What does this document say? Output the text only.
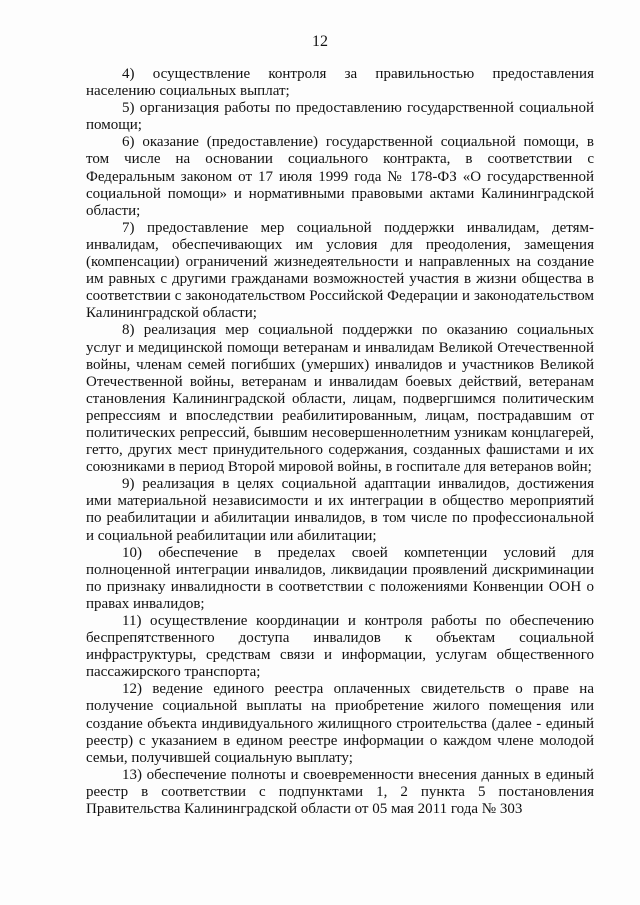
12

4) осуществление контроля за правильностью предоставления населению социальных выплат;

5) организация работы по предоставлению государственной социальной помощи;

6) оказание (предоставление) государственной социальной помощи, в том числе на основании социального контракта, в соответствии с Федеральным законом от 17 июля 1999 года № 178-ФЗ «О государственной социальной помощи» и нормативными правовыми актами Калининградской области;

7) предоставление мер социальной поддержки инвалидам, детям-инвалидам, обеспечивающих им условия для преодоления, замещения (компенсации) ограничений жизнедеятельности и направленных на создание им равных с другими гражданами возможностей участия в жизни общества в соответствии с законодательством Российской Федерации и законодательством Калининградской области;

8) реализация мер социальной поддержки по оказанию социальных услуг и медицинской помощи ветеранам и инвалидам Великой Отечественной войны, членам семей погибших (умерших) инвалидов и участников Великой Отечественной войны, ветеранам и инвалидам боевых действий, ветеранам становления Калининградской области, лицам, подвергшимся политическим репрессиям и впоследствии реабилитированным, лицам, пострадавшим от политических репрессий, бывшим несовершеннолетним узникам концлагерей, гетто, других мест принудительного содержания, созданных фашистами и их союзниками в период Второй мировой войны, в госпитале для ветеранов войн;

9) реализация в целях социальной адаптации инвалидов, достижения ими материальной независимости и их интеграции в общество мероприятий по реабилитации и абилитации инвалидов, в том числе по профессиональной и социальной реабилитации или абилитации;

10) обеспечение в пределах своей компетенции условий для полноценной интеграции инвалидов, ликвидации проявлений дискриминации по признаку инвалидности в соответствии с положениями Конвенции ООН о правах инвалидов;

11) осуществление координации и контроля работы по обеспечению беспрепятственного доступа инвалидов к объектам социальной инфраструктуры, средствам связи и информации, услугам общественного пассажирского транспорта;

12) ведение единого реестра оплаченных свидетельств о праве на получение социальной выплаты на приобретение жилого помещения или создание объекта индивидуального жилищного строительства (далее - единый реестр) с указанием в едином реестре информации о каждом члене молодой семьи, получившей социальную выплату;

13) обеспечение полноты и своевременности внесения данных в единый реестр в соответствии с подпунктами 1, 2 пункта 5 постановления Правительства Калининградской области от 05 мая 2011 года № 303
